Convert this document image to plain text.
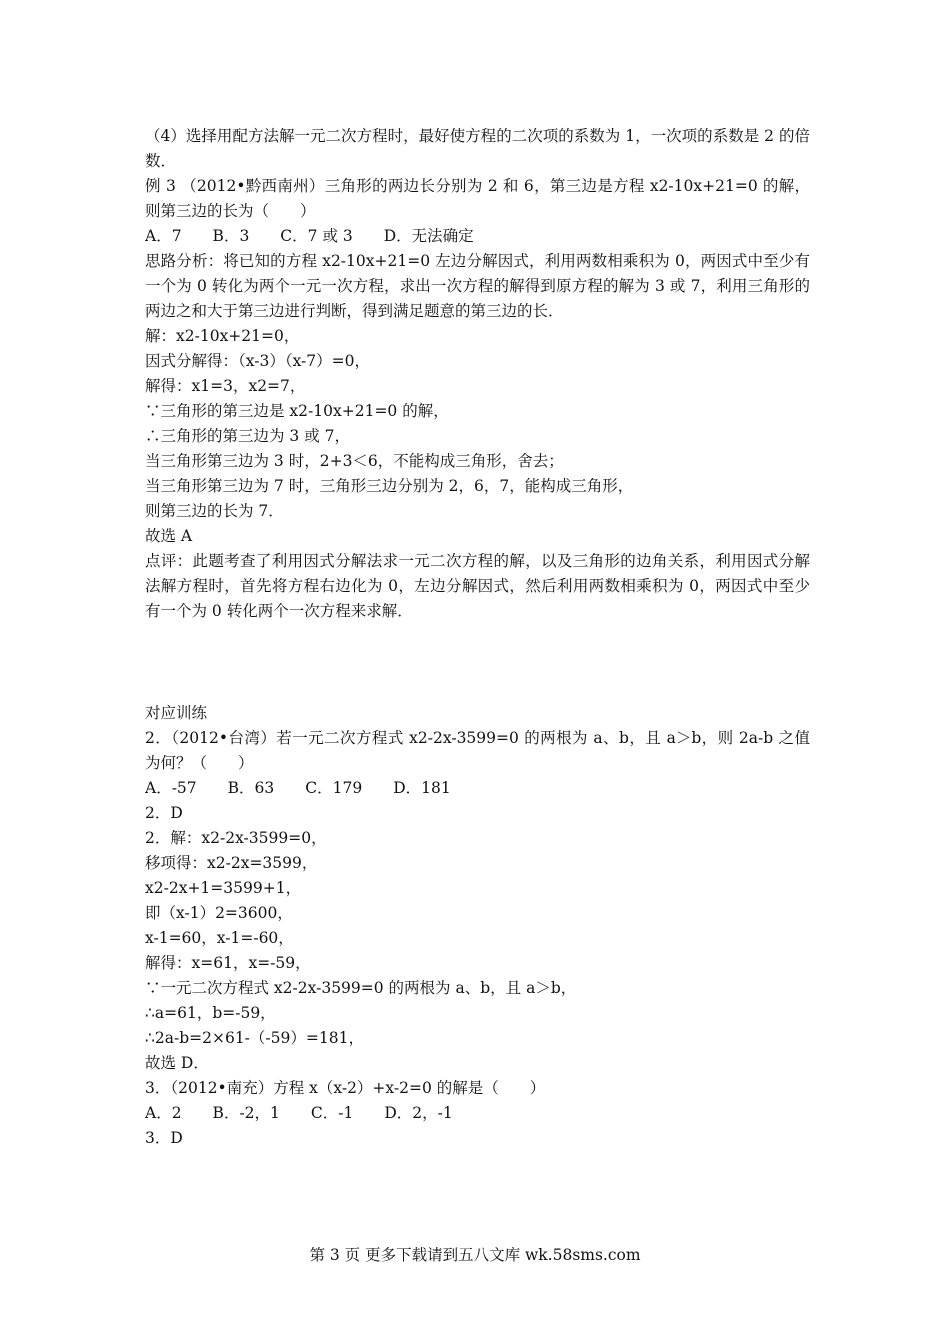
（4）选择用配方法解一元二次方程时，最好使方程的二次项的系数为 1，一次项的系数是 2 的倍数．
例 3 （2012•黔西南州）三角形的两边长分别为 2 和 6，第三边是方程 x2-10x+21=0 的解，则第三边的长为（　　）
A．7　　B．3　　C．7 或 3　　D．无法确定
思路分析：将已知的方程 x2-10x+21=0 左边分解因式，利用两数相乘积为 0，两因式中至少有一个为 0 转化为两个一元一次方程，求出一次方程的解得到原方程的解为 3 或 7，利用三角形的两边之和大于第三边进行判断，得到满足题意的第三边的长．
解：x2-10x+21=0，
因式分解得：（x-3）（x-7）=0，
解得：x1=3，x2=7，
∵三角形的第三边是 x2-10x+21=0 的解，
∴三角形的第三边为 3 或 7，
当三角形第三边为 3 时，2+3＜6，不能构成三角形，舍去；
当三角形第三边为 7 时，三角形三边分别为 2，6，7，能构成三角形，
则第三边的长为 7．
故选 A
点评：此题考查了利用因式分解法求一元二次方程的解，以及三角形的边角关系，利用因式分解法解方程时，首先将方程右边化为 0，左边分解因式，然后利用两数相乘积为 0，两因式中至少有一个为 0 转化两个一次方程来求解．
对应训练
2．（2012•台湾）若一元二次方程式 x2-2x-3599=0 的两根为 a、b，且 a＞b，则 2a-b 之值为何？（　　）
A．-57　　B．63　　C．179　　D．181
2．D
2．解：x2-2x-3599=0，
移项得：x2-2x=3599，
x2-2x+1=3599+1，
即（x-1）2=3600，
x-1=60，x-1=-60，
解得：x=61，x=-59，
∵一元二次方程式 x2-2x-3599=0 的两根为 a、b，且 a＞b，
∴a=61，b=-59，
∴2a-b=2×61-（-59）=181，
故选 D．
3．（2012•南充）方程 x（x-2）+x-2=0 的解是（　　）
A．2　　B．-2，1　　C．-1　　D．2，-1
3．D
第 3 页 更多下载请到五八文库 wk.58sms.com
